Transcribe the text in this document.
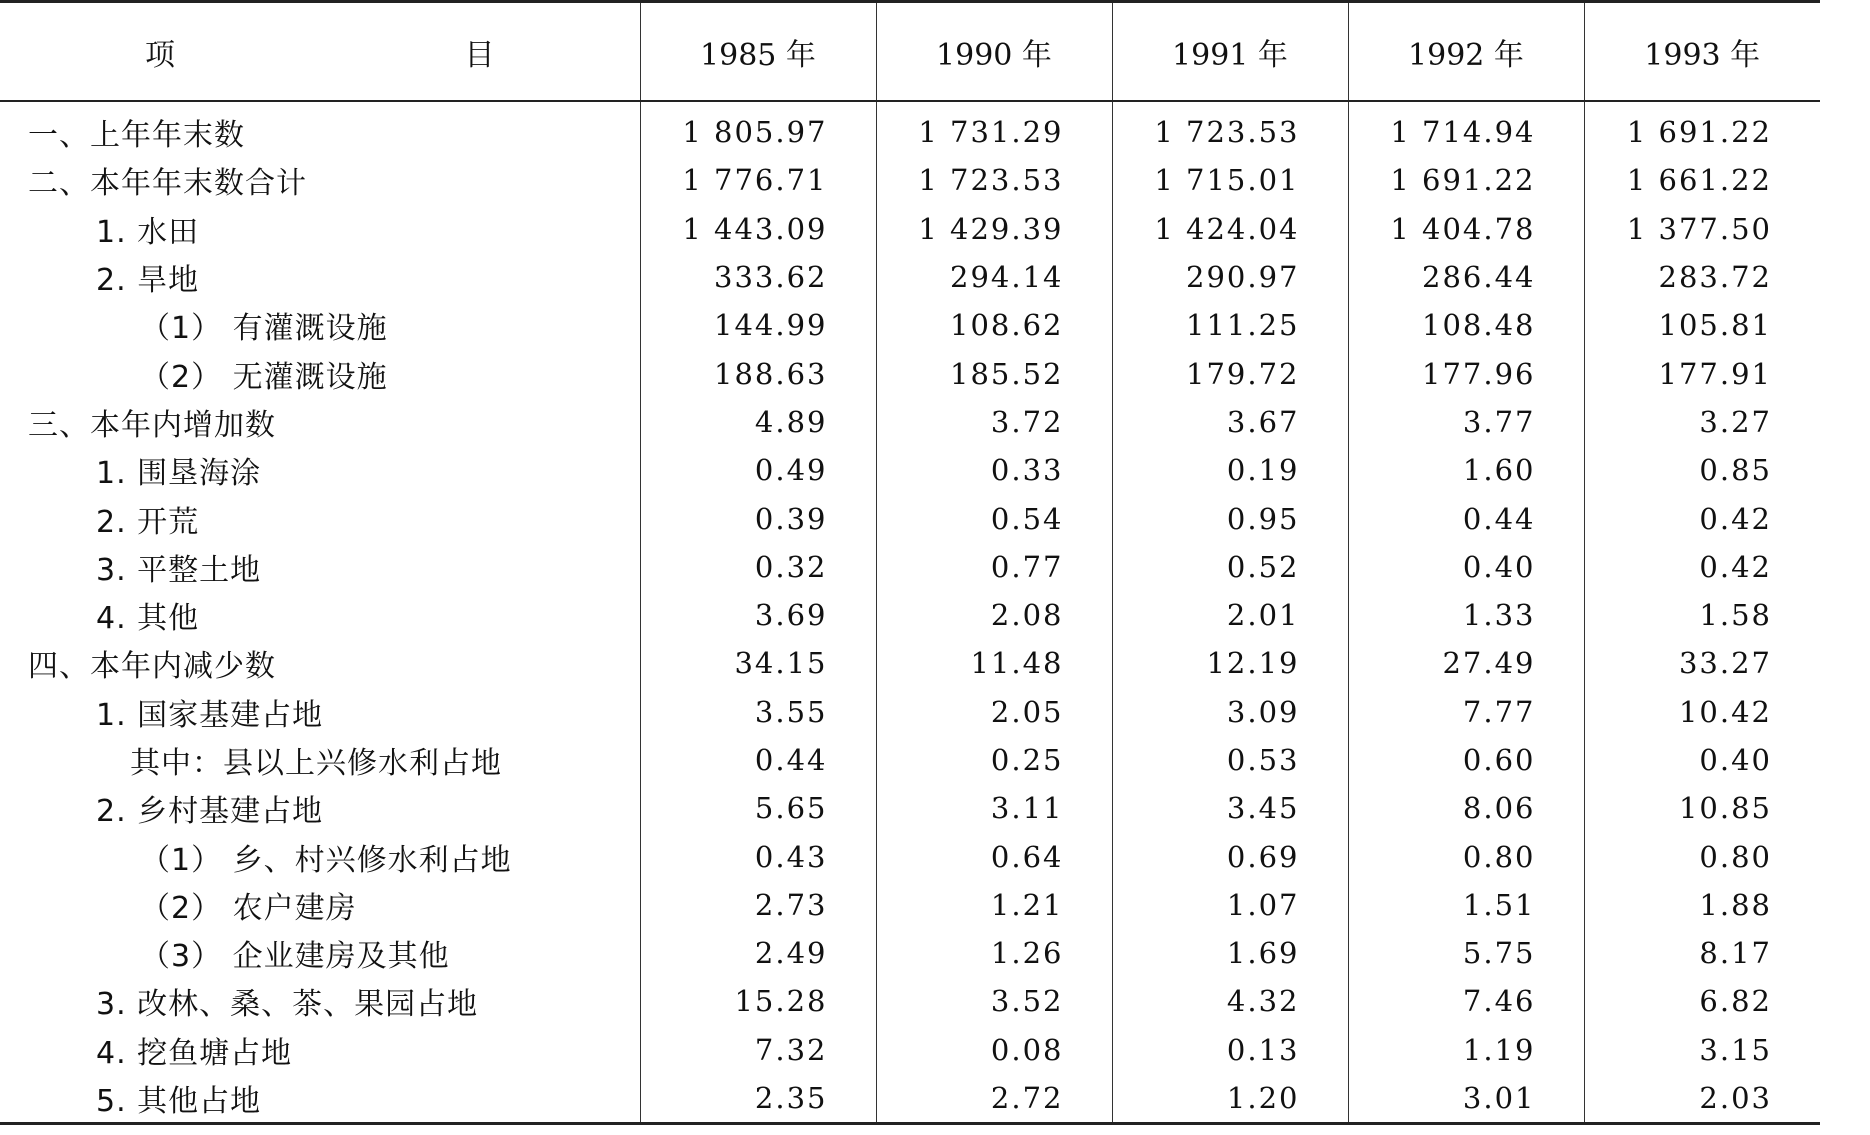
项 目	1985 年	1990 年	1991 年	1992 年	1993 年
一、上年年末数	1 805.97	1 731.29	1 723.53	1 714.94	1 691.22
二、本年年末数合计	1 776.71	1 723.53	1 715.01	1 691.22	1 661.22
1. 水田	1 443.09	1 429.39	1 424.04	1 404.78	1 377.50
2. 旱地	333.62	294.14	290.97	286.44	283.72
（1） 有灌溉设施	144.99	108.62	111.25	108.48	105.81
（2） 无灌溉设施	188.63	185.52	179.72	177.96	177.91
三、本年内增加数	4.89	3.72	3.67	3.77	3.27
1. 围垦海涂	0.49	0.33	0.19	1.60	0.85
2. 开荒	0.39	0.54	0.95	0.44	0.42
3. 平整土地	0.32	0.77	0.52	0.40	0.42
4. 其他	3.69	2.08	2.01	1.33	1.58
四、本年内减少数	34.15	11.48	12.19	27.49	33.27
1. 国家基建占地	3.55	2.05	3.09	7.77	10.42
其中：县以上兴修水利占地	0.44	0.25	0.53	0.60	0.40
2. 乡村基建占地	5.65	3.11	3.45	8.06	10.85
（1） 乡、村兴修水利占地	0.43	0.64	0.69	0.80	0.80
（2） 农户建房	2.73	1.21	1.07	1.51	1.88
（3） 企业建房及其他	2.49	1.26	1.69	5.75	8.17
3. 改林、桑、茶、果园占地	15.28	3.52	4.32	7.46	6.82
4. 挖鱼塘占地	7.32	0.08	0.13	1.19	3.15
5. 其他占地	2.35	2.72	1.20	3.01	2.03
